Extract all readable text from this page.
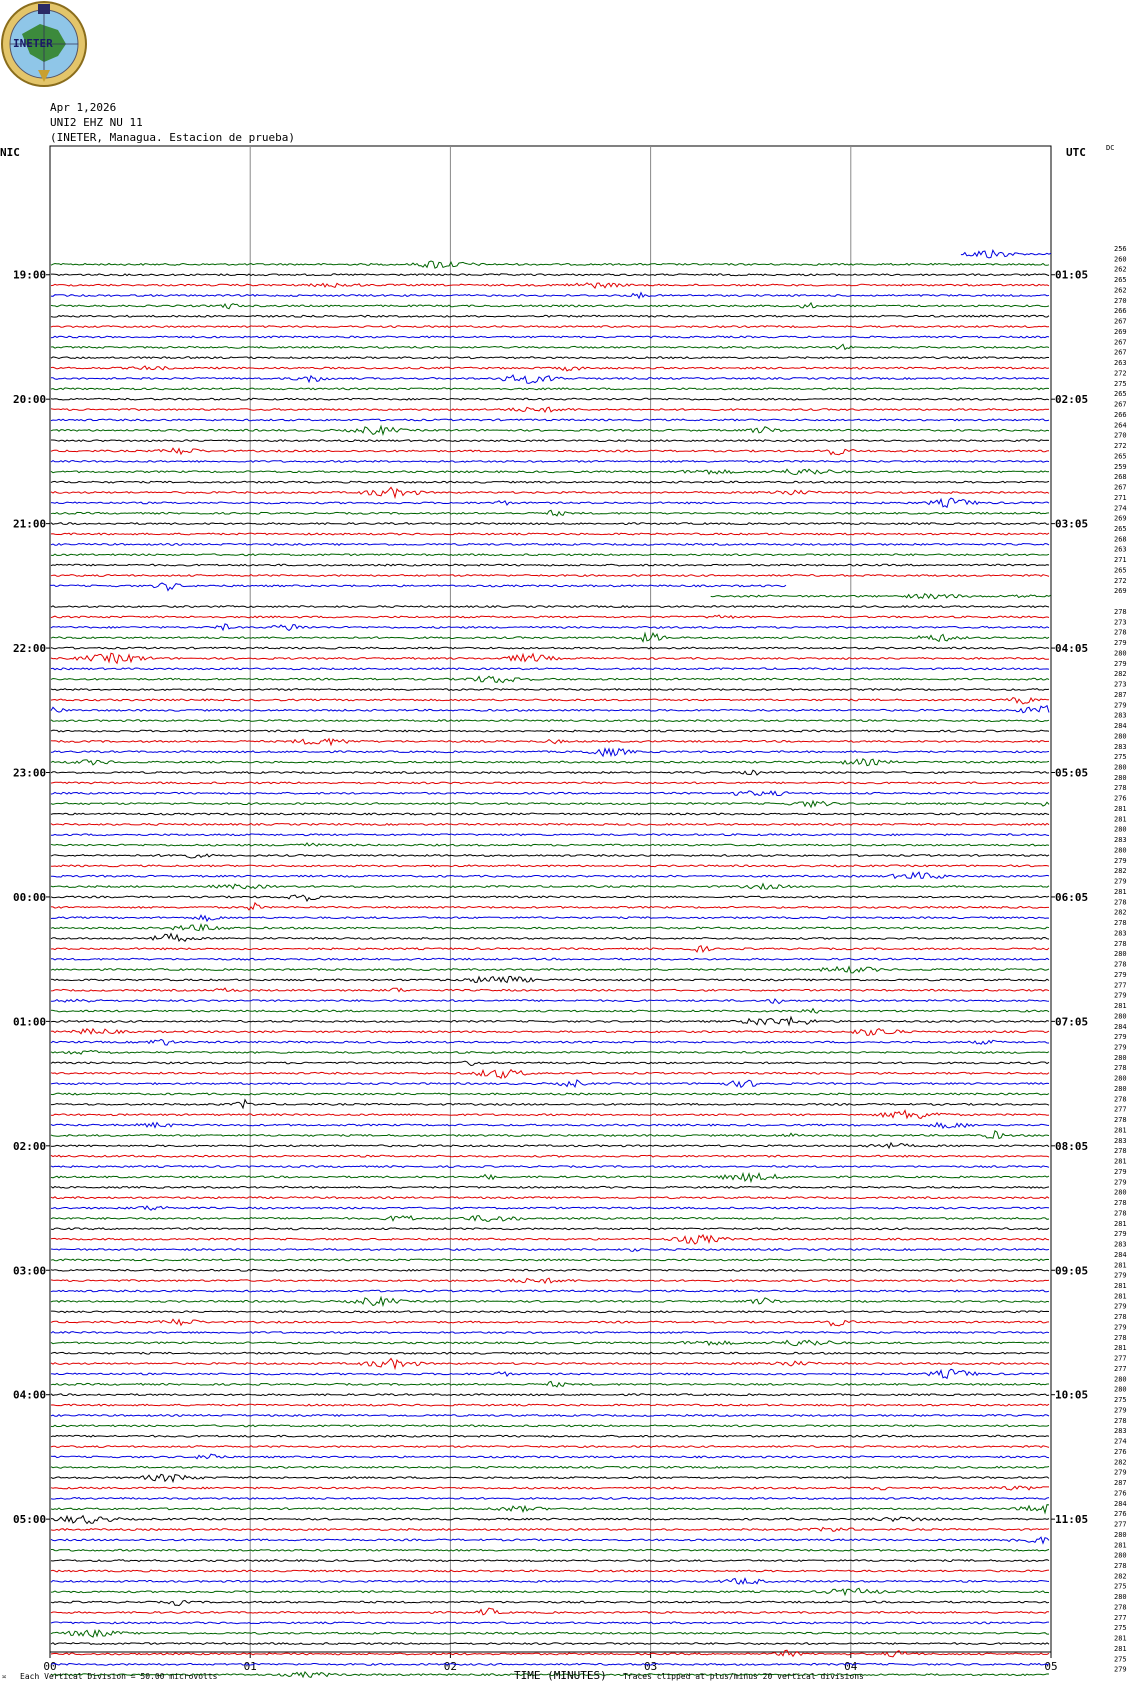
INETER
Apr 1,2026
UNI2 EHZ NU 11
(INETER, Managua. Estacion de prueba)
NIC	UTC	DC
00	01	02	03	04	05
19:00
20:00
21:00
22:00
23:00
00:00
01:00
02:00
03:00
04:00
05:00
01:05
02:05
03:05
04:05
05:05
06:05
07:05
08:05
09:05
10:05
11:05
256
260
262
265
262
270
266
267
269
267
267
263
272
275
265
267
266
264
270
272
265
259
268
267
271
274
269
265
268
263
271
265
272
269
278
273
278
279
280
279
282
273
287
279
283
284
280
283
275
280
280
278
276
281
281
280
283
280
279
282
279
281
278
282
278
283
278
280
278
279
277
279
281
280
284
279
279
280
278
280
280
278
277
278
281
283
278
281
279
279
280
278
278
281
279
283
284
281
279
281
281
279
278
279
278
281
277
277
280
280
275
279
278
283
274
276
282
279
287
276
284
276
277
280
281
280
278
282
275
280
278
277
275
281
281
275
279
≍ Each Vertical Division = 50.00 microvolts	TIME (MINUTES) Traces clipped at plus/minus 20 vertical divisions
